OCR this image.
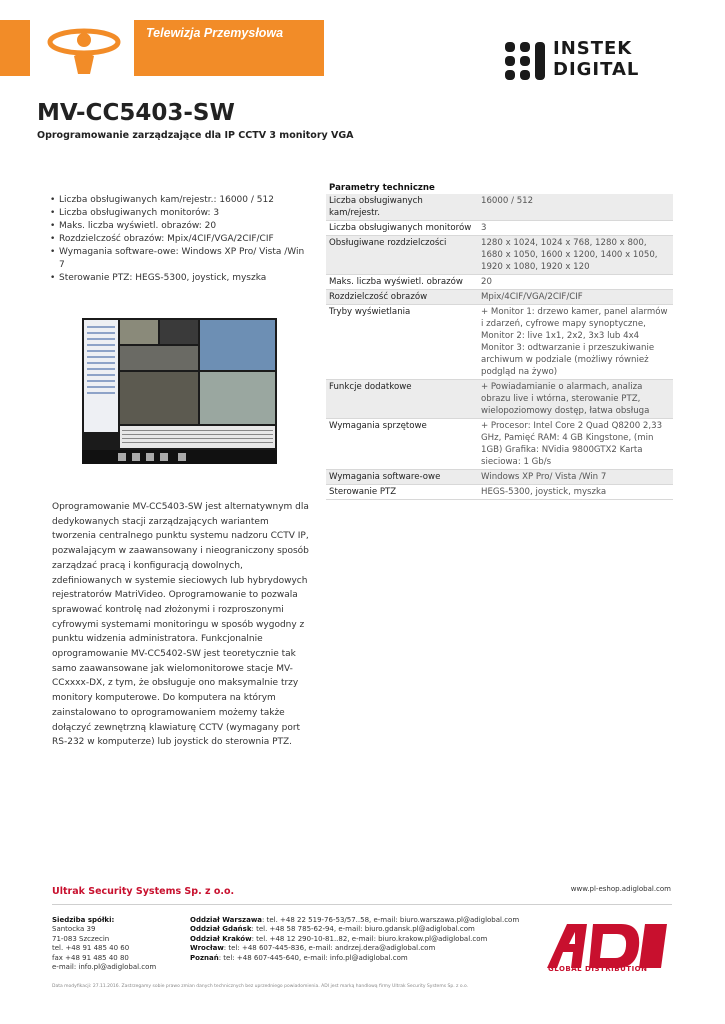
Telewizja Przemysłowa
INSTEK
DIGITAL
MV-CC5403-SW
Oprogramowanie zarządzające dla IP CCTV 3 monitory VGA
• Liczba obsługiwanych kam/rejestr.: 16000 / 512
• Liczba obsługiwanych monitorów: 3
• Maks. liczba wyświetl. obrazów: 20
• Rozdzielczość obrazów: Mpix/4CIF/VGA/2CIF/CIF
• Wymagania software-owe: Windows XP Pro/ Vista /Win 7
• Sterowanie PTZ: HEGS-5300, joystick, myszka
Parametry techniczne	
Liczba obsługiwanych kam/rejestr.	16000 / 512
Liczba obsługiwanych monitorów	3
Obsługiwane rozdzielczości	1280 x 1024, 1024 x 768, 1280 x 800, 1680 x 1050, 1600 x 1200, 1400 x 1050, 1920 x 1080, 1920 x 120
Maks. liczba wyświetl. obrazów	20
Rozdzielczość obrazów	Mpix/4CIF/VGA/2CIF/CIF
Tryby wyświetlania	+ Monitor 1: drzewo kamer, panel alarmów i zdarzeń, cyfrowe mapy synoptyczne, Monitor 2: live 1x1, 2x2, 3x3 lub 4x4 Monitor 3: odtwarzanie i przeszukiwanie archiwum w podziale (możliwy również podgląd na żywo)
Funkcje dodatkowe	+ Powiadamianie o alarmach, analiza obrazu live i wtórna, sterowanie PTZ, wielopoziomowy dostęp, łatwa obsługa
Wymagania sprzętowe	+ Procesor: Intel Core 2 Quad Q8200 2,33 GHz, Pamięć RAM: 4 GB Kingstone, (min 1GB) Grafika: NVidia 9800GTX2 Karta sieciowa: 1 Gb/s
Wymagania software-owe	Windows XP Pro/ Vista /Win 7
Sterowanie PTZ	HEGS-5300, joystick, myszka

Oprogramowanie MV-CC5403-SW jest alternatywnym dla dedykowanych stacji zarządzających wariantem tworzenia centralnego punktu systemu nadzoru CCTV IP, pozwalającym w zaawansowany i nieograniczony sposób zarządzać pracą i konfiguracją dowolnych, zdefiniowanych w systemie sieciowych lub hybrydowych rejestratorów MatriVideo. Oprogramowanie to pozwala sprawować kontrolę nad złożonymi i rozproszonymi cyfrowymi systemami monitoringu w sposób wygodny z punktu widzenia administratora. Funkcjonalnie oprogramowanie MV-CC5402-SW jest teoretycznie tak samo zaawansowane jak wielomonitorowe stacje MV-CCxxxx-DX, z tym, że obsługuje ono maksymalnie trzy monitory komputerowe. Do komputera na którym zainstalowano to oprogramowaniem możemy także dołączyć zewnętrzną klawiaturę CCTV (wymagany port RS-232 w komputerze) lub joystick do sterownia PTZ.

Ultrak Security Systems Sp. z o.o.	www.pl-eshop.adiglobal.com
Siedziba spółki:
Santocka 39
71-083 Szczecin
tel. +48 91 485 40 60
fax +48 91 485 40 80
e-mail: info.pl@adiglobal.com
Oddział Warszawa: tel. +48 22 519-76-53/57..58, e-mail: biuro.warszawa.pl@adiglobal.com
Oddział Gdańsk: tel. +48 58 785-62-94, e-mail: biuro.gdansk.pl@adiglobal.com
Oddział Kraków: tel. +48 12 290-10-81..82, e-mail: biuro.krakow.pl@adiglobal.com
Wrocław: tel: +48 607-445-836, e-mail: andrzej.dera@adiglobal.com
Poznań: tel: +48 607-445-640, e-mail: info.pl@adiglobal.com
GLOBAL DISTRIBUTION
Data modyfikacji: 27.11.2016. Zastrzegamy sobie prawo zmian danych technicznych bez uprzedniego powiadomienia. ADI jest marką handlową firmy Ultrak Security Systems Sp. z o.o.
